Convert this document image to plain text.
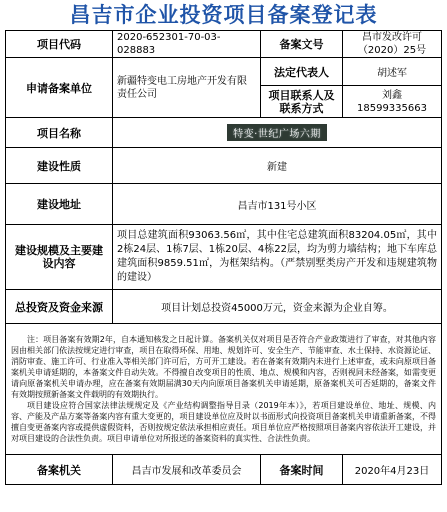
昌吉市企业投资项目备案登记表
项目代码	2020-652301-70-03-028883	备案文号	昌市发改许可（2020）25号
申请备案单位	新疆特变电工房地产开发有限责任公司	法定代表人	胡述军
		项目联系人及联系方式	刘鑫 18599335663
项目名称	特变·世纪广场六期		
建设性质	新建		
建设地址	昌吉市131号小区		
建设规模及主要建设内容	项目总建筑面积93063.56㎡，其中住宅总建筑面积83204.05㎡，其中2栋24层、1栋7层、1栋20层、4栋22层，均为剪力墙结构；地下车库总建筑面积9859.51㎡，为框架结构。（严禁别墅类房产开发和违规建筑物的建设）		
总投资及资金来源	项目计划总投资45000万元，资金来源为企业自筹。		

注：项目备案有效期2年，自本通知核发之日起计算。备案机关仅对项目是否符合产业政策进行了审查，对其他内容因由相关部门依法按规定进行审查，项目在取得环保、用地、规划许可、安全生产、节能审查、水土保持、水资源论证、消防审查、施工许可、行业准入等相关部门许可后，方可开工建设。若在备案有效期内未进行上述审查，或未向原项目备案机关申请延期的，本备案文件自动失效。不得擅自改变项目的性质、地点、规模和内容，否则视同未经备案，如需变更请向原备案机关申请办理，应在备案有效期届满30天内向原项目备案机关申请延期，原备案机关可否延期的，备案文件有效期按照新备案文件载明的有效期执行。

项目建设应符合国家法律法规规定及《产业结构调整指导目录（2019年本）》，若项目建设单位、地址、规模、内容、产能及产品方案等备案内容有重大变更的，项目建设单位应及时以书面形式向投资项目备案机关申请重新备案，不得擅自变更备案内容或提供虚假资料，否则按规定依法承担相应责任。项目单位应严格按照项目备案内容依法开工建设，并对项目建设的合法性负责。项目申请单位对所报送的备案资料的真实性、合法性负责。			

备案机关	昌吉市发展和改革委员会	备案时间	2020年4月23日
